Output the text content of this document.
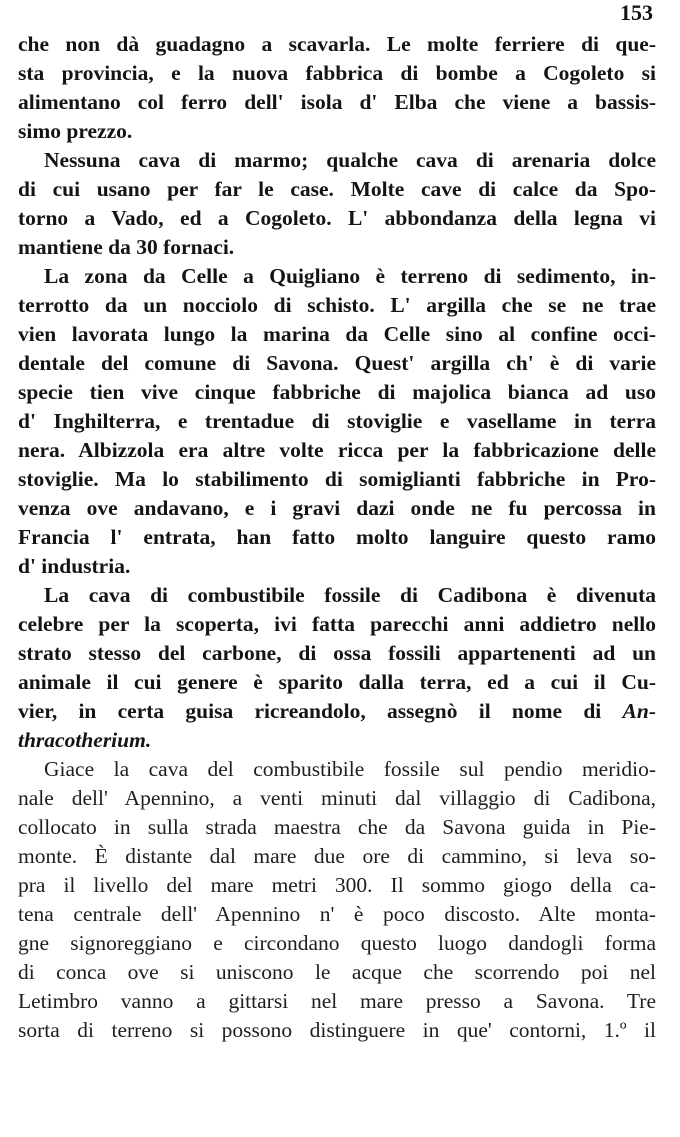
153
che non dà guadagno a scavarla. Le molte ferriere di que-
sta provincia, e la nuova fabbrica di bombe a Cogoleto si
alimentano col ferro dell' isola d' Elba che viene a bassis-
simo prezzo.
Nessuna cava di marmo; qualche cava di arenaria dolce
di cui usano per far le case. Molte cave di calce da Spo-
torno a Vado, ed a Cogoleto. L' abbondanza della legna vi
mantiene da 30 fornaci.
La zona da Celle a Quigliano è terreno di sedimento, in-
terrotto da un nocciolo di schisto. L' argilla che se ne trae
vien lavorata lungo la marina da Celle sino al confine occi-
dentale del comune di Savona. Quest' argilla ch' è di varie
specie tien vive cinque fabbriche di majolica bianca ad uso
d' Inghilterra, e trentadue di stoviglie e vasellame in terra
nera. Albizzola era altre volte ricca per la fabbricazione delle
stoviglie. Ma lo stabilimento di somiglianti fabbriche in Pro-
venza ove andavano, e i gravi dazi onde ne fu percossa in
Francia l' entrata, han fatto molto languire questo ramo
d' industria.
La cava di combustibile fossile di Cadibona è divenuta
celebre per la scoperta, ivi fatta parecchi anni addietro nello
strato stesso del carbone, di ossa fossili appartenenti ad un
animale il cui genere è sparito dalla terra, ed a cui il Cu-
vier, in certa guisa ricreandolo, assegnò il nome di An-
thracotherium.
Giace la cava del combustibile fossile sul pendio meridio-
nale dell' Apennino, a venti minuti dal villaggio di Cadibona,
collocato in sulla strada maestra che da Savona guida in Pie-
monte. È distante dal mare due ore di cammino, si leva so-
pra il livello del mare metri 300. Il sommo giogo della ca-
tena centrale dell' Apennino n' è poco discosto. Alte monta-
gne signoreggiano e circondano questo luogo dandogli forma
di conca ove si uniscono le acque che scorrendo poi nel
Letimbro vanno a gittarsi nel mare presso a Savona. Tre
sorta di terreno si possono distinguere in que' contorni, 1.º il
